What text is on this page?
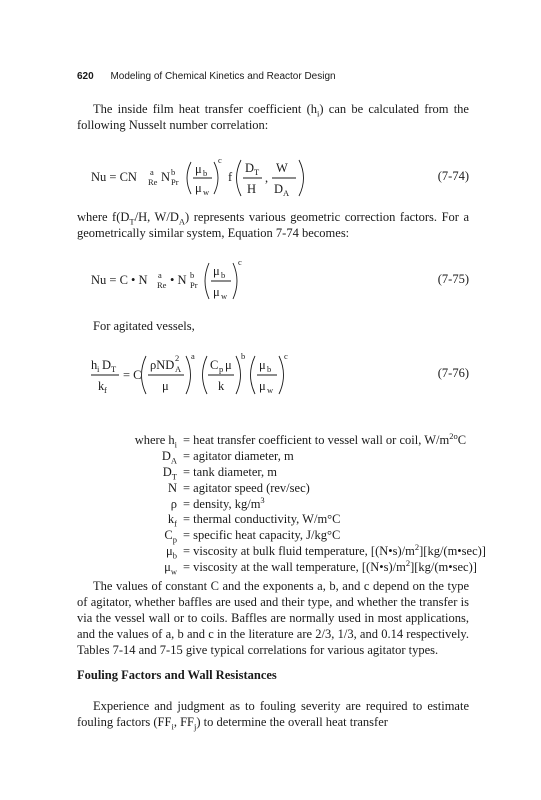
620 Modeling of Chemical Kinetics and Reactor Design

The inside film heat transfer coefficient $(h_i)$ can be calculated from the following Nusselt number correlation:

Nu = CN a
Re N b
Pr
μ b
μ w
c
f
D T
H
,
W
D A
(7-74)

where $f(D_T/H$, $W/D_A$) represents various geometric correction factors. For a geometrically similar system, Equation 7-74 becomes:

Nu = C • N a
Re • N b
Pr
μ b
μ w
c
(7-75)

For agitated vessels,

h i D T
k f
= C
ρND 2
A
μ
a
C p μ
k
b
μ b
μ w
c
(7-76)
where $h_i$ = heat transfer coefficient to vessel wall or coil, $W/m^{2o}C$
$D_A$ = agitator diameter, m
$D_T = \tan k$ diameter, m
N = agitator speed (rev/sec)
ρ = density, $kg/m^3$
$k_f$ = thermal conductivity, W/m°C
$C_p$ = specific heat capacity, J/kg°C
$\mu_b$ = viscosity at bulk fluid temperature, $[(N•s)/m^2][kg/(m•\sec)]$
$\mu_w$ = viscosity at the wall temperature, $[(N•s)/m^2][kg/(m•\sec)]$

The values of constant C and the exponents a, b, and c depend on the type of agitator, whether baffles are used and their type, and whether the transfer is via the vessel wall or to coils. Baffles are normally used in most applications, and the values of a, b and c in the literature are 2/3, 1/3, and 0.14 respectively. Tables 7-14 and 7-15 give typical correlations for various agitator types.

Fouling Factors and Wall Resistances

Experience and judgment as to fouling severity are required to estimate fouling factors ($FF_i$, $FF_j$) to determine the overall heat transfer
